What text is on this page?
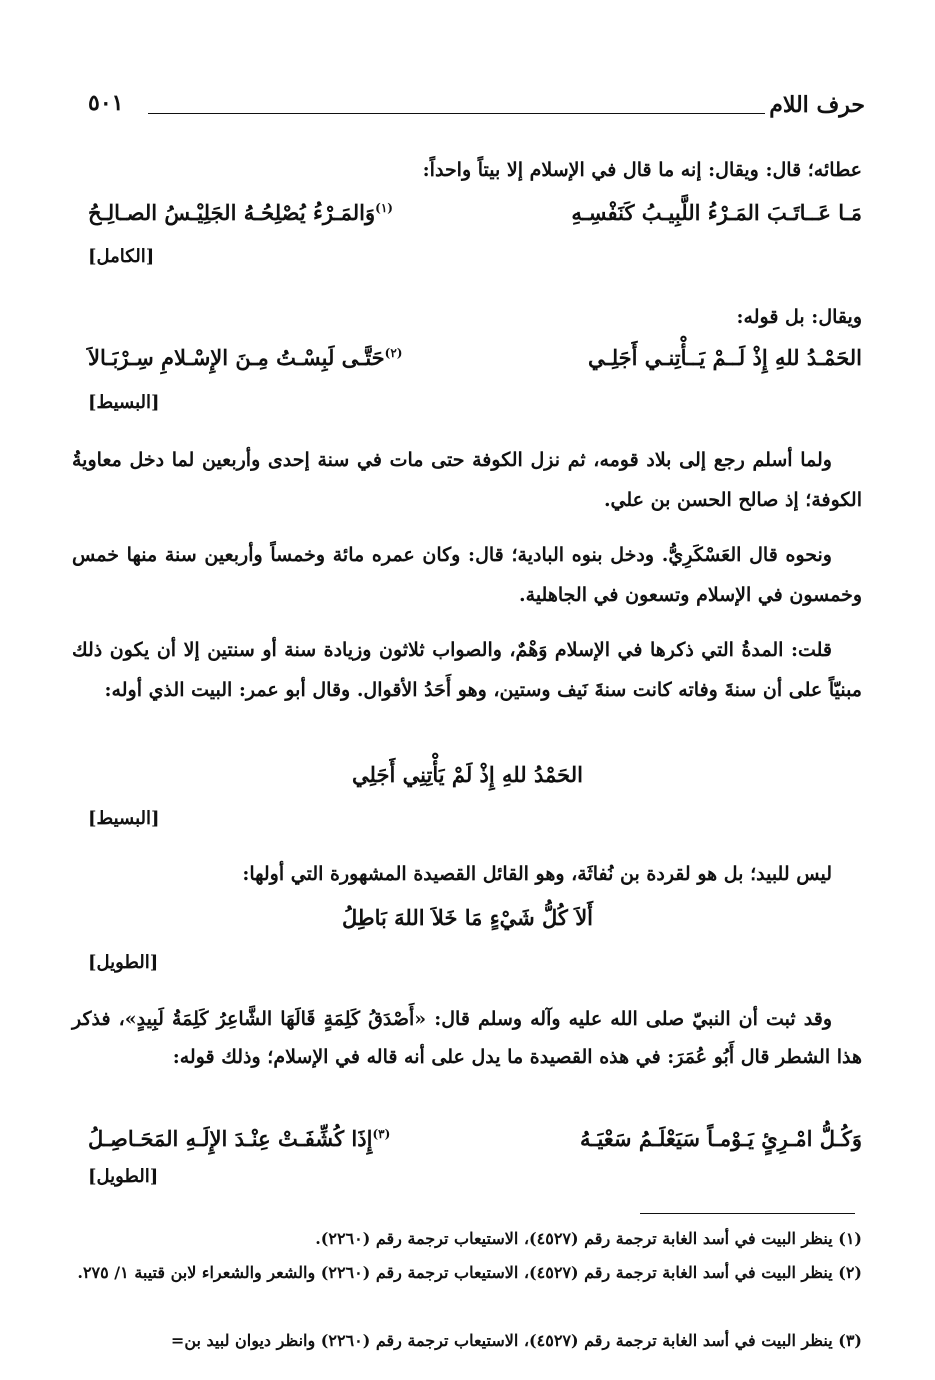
حرف اللام
٥٠١
عطائه؛ قال: ويقال: إنه ما قال في الإسلام إلا بيتاً واحداً:
مَـا عَــاتَـبَ المَـرْءُ اللَّبِيـبُ كَنَفْسِـهِ
$^{(١)}$وَالمَـرْءُ يُصْلِحُـهُ الجَلِيْـسُ الصـالِـحُ
[الكامل]
ويقال: بل قوله:
الحَمْـدُ للهِ إِذْ لَــمْ يَــأْتِنـي أَجَلِـي
$^{(٢)}$حَتَّـى لَبِسْـتُ مِـنَ الإِسْـلامِ سِـرْبَـالاَ
[البسيط]
ولما أسلم رجع إلى بلاد قومه، ثم نزل الكوفة حتى مات في سنة إحدى وأربعين لما دخل معاويةُ الكوفة؛ إذ صالح الحسن بن علي.
ونحوه قال العَسْكَرِيُّ. ودخل بنوه البادية؛ قال: وكان عمره مائة وخمساً وأربعين سنة منها خمس وخمسون في الإسلام وتسعون في الجاهلية.
قلت: المدةُ التي ذكرها في الإسلام وَهْمٌ، والصواب ثلاثون وزيادة سنة أو سنتين إلا أن يكون ذلك مبنيّاً على أن سنةَ وفاته كانت سنةَ نَيف وستين، وهو أَحَدُ الأقوال. وقال أبو عمر: البيت الذي أوله:
الحَمْدُ للهِ إِذْ لَمْ يَأْتِنِي أَجَلِي
[البسيط]
ليس للبيد؛ بل هو لقردة بن نُفاثَة، وهو القائل القصيدة المشهورة التي أولها:
أَلاَ كُلُّ شَيْءٍ مَا خَلاَ اللهَ بَاطِلُ
[الطويل]
وقد ثبت أن النبيّ صلى الله عليه وآله وسلم قال: «أَصْدَقُ كَلِمَةٍ قَالَهَا الشَّاعِرُ كَلِمَةُ لَبِيدٍ»، فذكر هذا الشطر قال أَبُو عُمَرَ: في هذه القصيدة ما يدل على أنه قاله في الإسلام؛ وذلك قوله:
وَكُـلُّ امْـرِئٍ يَـوْمـاً سَيَعْلَـمُ سَعْيَـهُ
$^{(٣)}$إِذَا كُشِّفَـتْ عِنْـدَ الإِلَـهِ المَحَـاصِـلُ
[الطويل]
(١) ينظر البيت في أسد الغابة ترجمة رقم (٤٥٢٧)، الاستيعاب ترجمة رقم (٢٢٦٠).
(٢) ينظر البيت في أسد الغابة ترجمة رقم (٤٥٢٧)، الاستيعاب ترجمة رقم (٢٢٦٠) والشعر والشعراء لابن قتيبة ١/ ٢٧٥.
(٣) ينظر البيت في أسد الغابة ترجمة رقم (٤٥٢٧)، الاستيعاب ترجمة رقم (٢٢٦٠) وانظر ديوان لبيد بن=
